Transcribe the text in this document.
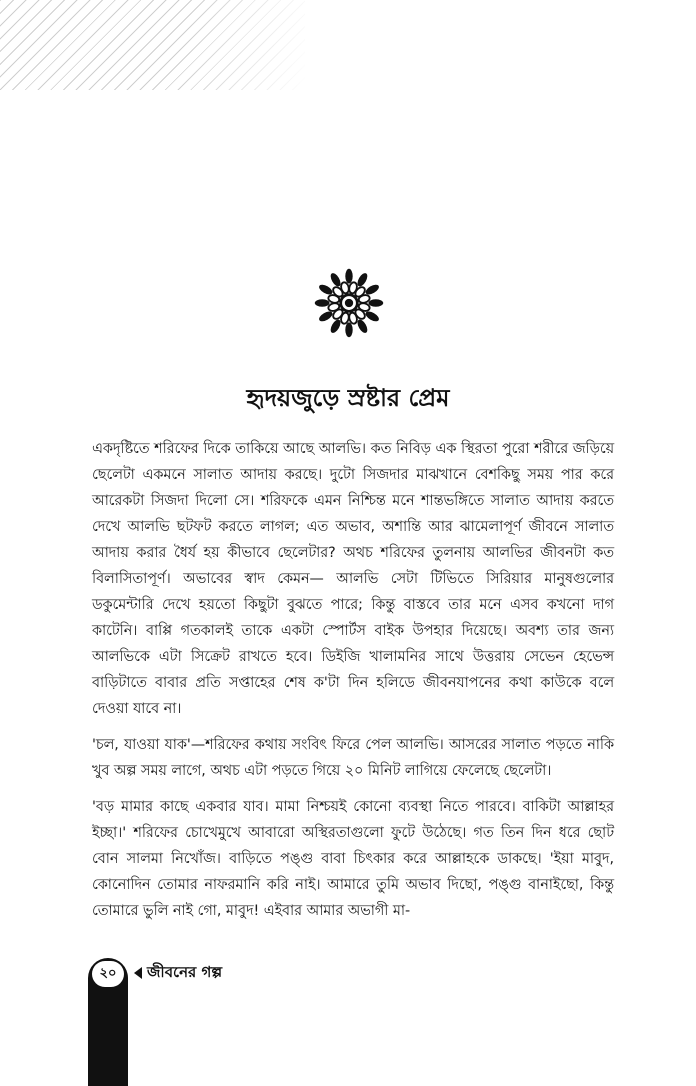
হৃদয়জুড়ে স্রষ্টার প্রেম

একদৃষ্টিতে শরিফের দিকে তাকিয়ে আছে আলভি। কত নিবিড় এক স্থিরতা পুরো শরীরে জড়িয়ে ছেলেটা একমনে সালাত আদায় করছে। দুটো সিজদার মাঝখানে বেশকিছু সময় পার করে আরেকটা সিজদা দিলো সে। শরিফকে এমন নিশ্চিন্ত মনে শান্তভঙ্গিতে সালাত আদায় করতে দেখে আলভি ছটফট করতে লাগল; এত অভাব, অশান্তি আর ঝামেলাপূর্ণ জীবনে সালাত আদায় করার ধৈর্য হয় কীভাবে ছেলেটার? অথচ শরিফের তুলনায় আলভির জীবনটা কত বিলাসিতাপূর্ণ। অভাবের স্বাদ কেমন— আলভি সেটা টিভিতে সিরিয়ার মানুষগুলোর ডকুমেন্টারি দেখে হয়তো কিছুটা বুঝতে পারে; কিন্তু বাস্তবে তার মনে এসব কখনো দাগ কাটেনি। বাপ্পি গতকালই তাকে একটা স্পোর্টস বাইক উপহার দিয়েছে। অবশ্য তার জন্য আলভিকে এটা সিক্রেট রাখতে হবে। ডিইজি খালামনির সাথে উত্তরায় সেভেন হেভেন্স বাড়িটাতে বাবার প্রতি সপ্তাহের শেষ ক'টা দিন হলিডে জীবনযাপনের কথা কাউকে বলে দেওয়া যাবে না।

'চল, যাওয়া যাক'—শরিফের কথায় সংবিৎ ফিরে পেল আলভি। আসরের সালাত পড়তে নাকি খুব অল্প সময় লাগে, অথচ এটা পড়তে গিয়ে ২০ মিনিট লাগিয়ে ফেলেছে ছেলেটা।

'বড় মামার কাছে একবার যাব। মামা নিশ্চয়ই কোনো ব্যবস্থা নিতে পারবে। বাকিটা আল্লাহর ইচ্ছা।' শরিফের চোখেমুখে আবারো অস্থিরতাগুলো ফুটে উঠেছে। গত তিন দিন ধরে ছোট বোন সালমা নিখোঁজ। বাড়িতে পঙ্গু বাবা চিৎকার করে আল্লাহকে ডাকছে। 'ইয়া মাবুদ, কোনোদিন তোমার নাফরমানি করি নাই। আমারে তুমি অভাব দিছো, পঙ্গু বানাইছো, কিন্তু তোমারে ভুলি নাই গো, মাবুদ! এইবার আমার অভাগী মা-

২০	জীবনের গল্প
